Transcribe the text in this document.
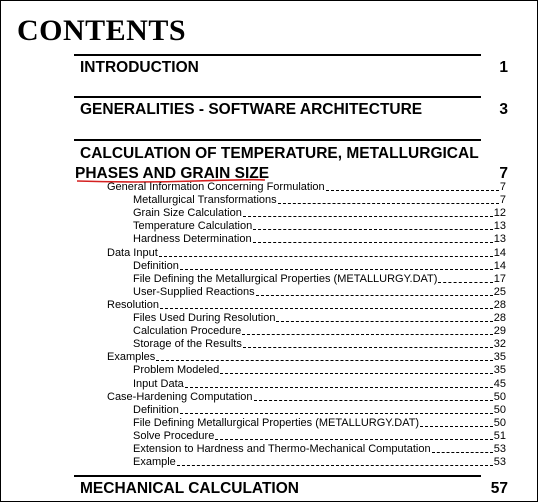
CONTENTS
INTRODUCTION	1
GENERALITIES - SOFTWARE ARCHITECTURE	3
CALCULATION OF TEMPERATURE, METALLURGICAL
PHASES AND GRAIN SIZE	7
General Information Concerning Formulation	7
Metallurgical Transformations	7
Grain Size Calculation	12
Temperature Calculation	13
Hardness Determination	13
Data Input	14
Definition	14
File Defining the Metallurgical Properties (METALLURGY.DAT)	17
User-Supplied Reactions	25
Resolution	28
Files Used During Resolution	28
Calculation Procedure	29
Storage of the Results	32
Examples	35
Problem Modeled	35
Input Data	45
Case-Hardening Computation	50
Definition	50
File Defining Metallurgical Properties (METALLURGY.DAT)	50
Solve Procedure	51
Extension to Hardness and Thermo-Mechanical Computation	53
Example	53
MECHANICAL CALCULATION	57
